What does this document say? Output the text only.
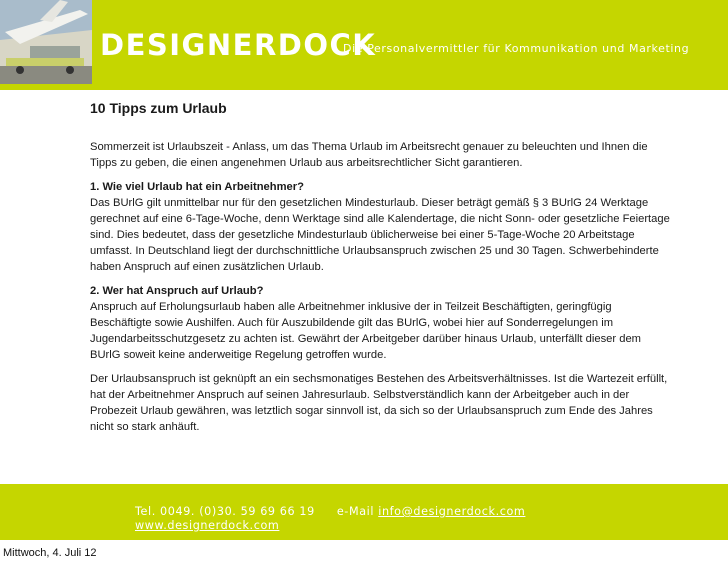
DESIGNERDOCK
Die Personalvermittler für Kommunikation und Marketing
10 Tipps zum Urlaub

Sommerzeit ist Urlaubszeit - Anlass, um das Thema Urlaub im Arbeitsrecht genauer zu beleuchten und Ihnen die Tipps zu geben, die einen angenehmen Urlaub aus arbeitsrechtlicher Sicht garantieren.

1. Wie viel Urlaub hat ein Arbeitnehmer?
Das BUrlG gilt unmittelbar nur für den gesetzlichen Mindesturlaub. Dieser beträgt gemäß § 3 BUrlG 24 Werktage gerechnet auf eine 6-Tage-Woche, denn Werktage sind alle Kalendertage, die nicht Sonn- oder gesetzliche Feiertage sind. Dies bedeutet, dass der gesetzliche Mindesturlaub üblicherweise bei einer 5-Tage-Woche 20 Arbeitstage umfasst. In Deutschland liegt der durchschnittliche Urlaubsanspruch zwischen 25 und 30 Tagen. Schwerbehinderte haben Anspruch auf einen zusätzlichen Urlaub.

2. Wer hat Anspruch auf Urlaub?
Anspruch auf Erholungsurlaub haben alle Arbeitnehmer inklusive der in Teilzeit Beschäftigten, geringfügig Beschäftigte sowie Aushilfen. Auch für Auszubildende gilt das BUrlG, wobei hier auf Sonderregelungen im Jugendarbeitsschutzgesetz zu achten ist. Gewährt der Arbeitgeber darüber hinaus Urlaub, unterfällt dieser dem BUrlG soweit keine anderweitige Regelung getroffen wurde.

Der Urlaubsanspruch ist geknüpft an ein sechsmonatiges Bestehen des Arbeitsverhältnisses. Ist die Wartezeit erfüllt, hat der Arbeitnehmer Anspruch auf seinen Jahresurlaub. Selbstverständlich kann der Arbeitgeber auch in der Probezeit Urlaub gewähren, was letztlich sogar sinnvoll ist, da sich so der Urlaubsanspruch zum Ende des Jahres nicht so stark anhäuft.

Tel. 0049. (0)30. 59 69 66 19 e-Mail info@designerdock.com
www.designerdock.com
Mittwoch, 4. Juli 12
